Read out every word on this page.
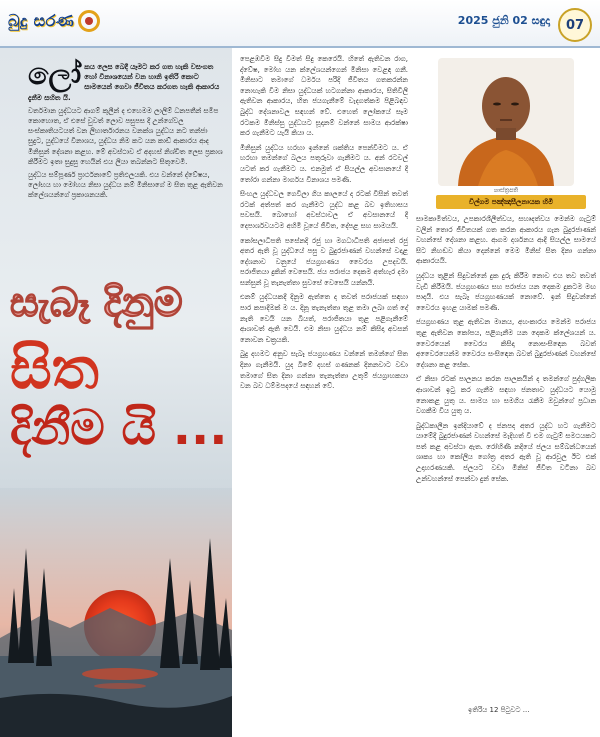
බුදු සරණ	2025 ජුනි 02 සඳුදා	07
සැබෑ දිනුම
සිත
දිනීම යි ...
ලෝ කය ලෙස බෙදී යෑමට කර ගත හැකි වසංගත හෝ විනාශයෙන් වන හානි ඉතිරි කොට සාමයෙන් ගෙවා ජීවිතය කරගත හැකි ආකාරය දැනීම සහිත යි.

වර්තමාන යුද්ධයට ආගම් කුලීන් ද එහෙමම ලාලිම් ධනපතීන් සමීප කොහොත, ඒ එසේ වුවත් ලොව පසුපස දී උන්ගේවල සංස්කෘතියටයත් වන ලිහාර්තාරනය වනක්ශ යුද්ධය නට තන්ජා සුදුට, යුද්ධයේ විනාශය, යුද්ධය නිම කට යන කාඩ් ආකාරය ආද මිනිසුන් දේශනා කළහ. මේ අවස්ථාව ඒ අදහස් නිශ්චිත ලෙස ප්‍රකාශ කිරීමට ඉතා සුදුසු හෙයින් එය ලියා තබන්නට සිතුවෙමි.

යුද්ධය සම්පූර්ණ ප්‍රාර්ථනාවේ ප්‍රතිඵලයකි. එය වන්නේ ද්වේෂය, ලෝභය හා මෝහය නිසා යුද්ධය නම් මිනිසාගේ ම සිත තුළ ඇතිවන ක්ලේශයන්ගේ ප්‍රකාශනයකි.

පෙළඹවීම සිදු වීමත් සිදු කෙරෙයි. හිතේ ඇතිවන රාග, ද්වේෂ, මෝහ යන ක්ලේශයන්ගෙන් මිනිසා වෙළඳ ගනී. මිනිසාට තමාගේ ධර්මය පරිදි ජීවිතය ගතකරන්න නොහැකි වීම නිසා යුද්ධයක් හටගන්නා ආකාරය, සිතිවිලි ඇතිවන ආකාරය, හිත ජයගැනීමේ වැදගත්කම පිළිබඳව බුද්ධ දේශනාවල සඳහන් වේ. එහෙත් ලෝකයේ සෑම රටකම මිනිස්සු යුද්ධයට සූදානම් වන්නේ සාමය ආරක්ෂා කර ගැනීමට යැයි කියා ය.

මිනිසුන් යුද්ධය හරහා ඉන්නේ ශක්තිය පෙන්වීමට ය. ඒ හරහා තමන්ගේ බලය පතුරුවා ගැනීමට ය. අන් රටවල් යටත් කර ගැනීමට ය. එනමුත් ඒ සියල්ල අවසානයේ දී තෝරා ගන්නා මාර්ගය විනාශය පමණි.

සිංහල යුද්ධවල ගෙවිලා ගිය කාලයේ ද රටක් විසින් තවත් රටක් අත්පත් කර ගැනීමට යුද්ධ කළ බව ඉතිහාසය පවසයි. බොහෝ අවස්ථාවල ඒ අවසානයේ දී දෙපාර්ශවයටම අහිමි වූයේ ජීවිත, දේපළ සහ සාමයයි.

කෝසලාධිපති පසේනදි රජු හා මගධාධිපති අජාසත් රජු අතර ඇති වූ යුද්ධයේ පසු ව බුදුරජාණන් වහන්සේ වදාළ දේශනාව වනුයේ ජයග්‍රහණය වෛරය උපදවයි. පරාජිතයා දුකින් වෙසෙයි. ජය පරාජය දෙකම අත්හැර දමා සන්සුන් වූ තැනැත්තා සුවසේ වෙසෙයි යන්නයි.

එනම් යුද්ධයකදී දිනුම ඇත්තෙ ද තවත් පරාජයක් සඳහා පාර කපාදීමක් ම ය. දිනූ තැනැත්තා තුළ තමා ලබා ගත් දේ නැති වෙයි යන බියත්, පරාජිතයා තුළ පළිගැනීමේ ආශාවත් ඇති වෙයි. එම නිසා යුද්ධය නම් කිසිදා අවසන් නොවන චක්‍රයකි.

බුදු දහමට අනුව සැබෑ ජයග්‍රහණය වන්නේ තමන්ගේ සිත දිනා ගැනීමයි. යුද බිමේ දහස් ගණනක් දිනනවාට වඩා තමාගේ සිත දිනා ගන්නා තැනැත්තා උතුම් ජයග්‍රාහකයා වන බව ධම්මපදයේ සඳහන් වේ.

ශාස්ත්‍රපති
විල්ගම පඤ්ඤාසීලනායක හිමි

සාමකාමීත්වය, උපකාරශීලීත්වය, සහෘදත්වය මෙන්ම ගැටුම් වලින් තොර ජීවිතයක් ගත කරන ආකාරය ගැන බුදුරජාණන් වහන්සේ දේශනා කළහ. ආගම දර්ශනය ආදී සියල්ල සාමයේ සිට නිහඬව කියා දෙන්නේ මෙම මිනිස් සිත දිනා ගන්නා ආකාරයයි.

යුද්ධය තුළින් සිදුවන්නේ දුක දුරු කිරීම නොව එය තව තවත් වැඩි කිරීමයි. ජයග්‍රහණය සහ පරාජය යන දෙකම දුකටම මඟ පාදයි. එය සැබෑ ජයග්‍රහණයක් නොවේ. ඉන් සිදුවන්නේ වෛරය ඉහළ යාමක් පමණි.

ජයග්‍රහණය තුළ ඇතිවන මානය, අහංකාරය මෙන්ම පරාජය තුළ ඇතිවන කෝපය, පළිගැනීම යන දෙකම ක්ලේශයන් ය. වෛරයෙන් වෛරය කිසිදා නොසංසිඳෙන බවත් අවෛරයෙන්ම වෛරය සංසිඳෙන බවත් බුදුරජාණන් වහන්සේ දේශනා කළ සේක.

ඒ නිසා රටක් පාලනය කරන පාලකයින් ද තමන්ගේ පුද්ගලික ආශාවන් ඉටු කර ගැනීම සඳහා ජනතාව යුද්ධයට යොමු නොකළ යුතු ය. සාමය හා සමගිය රැකීම ඔවුන්ගේ ප්‍රධාන වගකීම විය යුතු ය.

බුද්ධකාලීන ඉන්දියාවේ ද ජනපද අතර යුද්ධ හට ගැනීමට යාමේදී බුදුරජාණන් වහන්සේ මැදිහත් වී එම ගැටුම් සමථයකට පත් කළ අවස්ථා ඇත. රෝහිණී නදියේ ජලය සම්බන්ධයෙන් ශාක්‍ය හා කෝලිය ගෝත්‍ර අතර ඇති වූ ආරවුල ඊට එක් උදාහරණයකි. ජලයට වඩා මිනිස් ජීවිත වටිනා බව උන්වහන්සේ පෙන්වා දුන් සේක.

ඉතිරිය 12 පිටුවට ...
